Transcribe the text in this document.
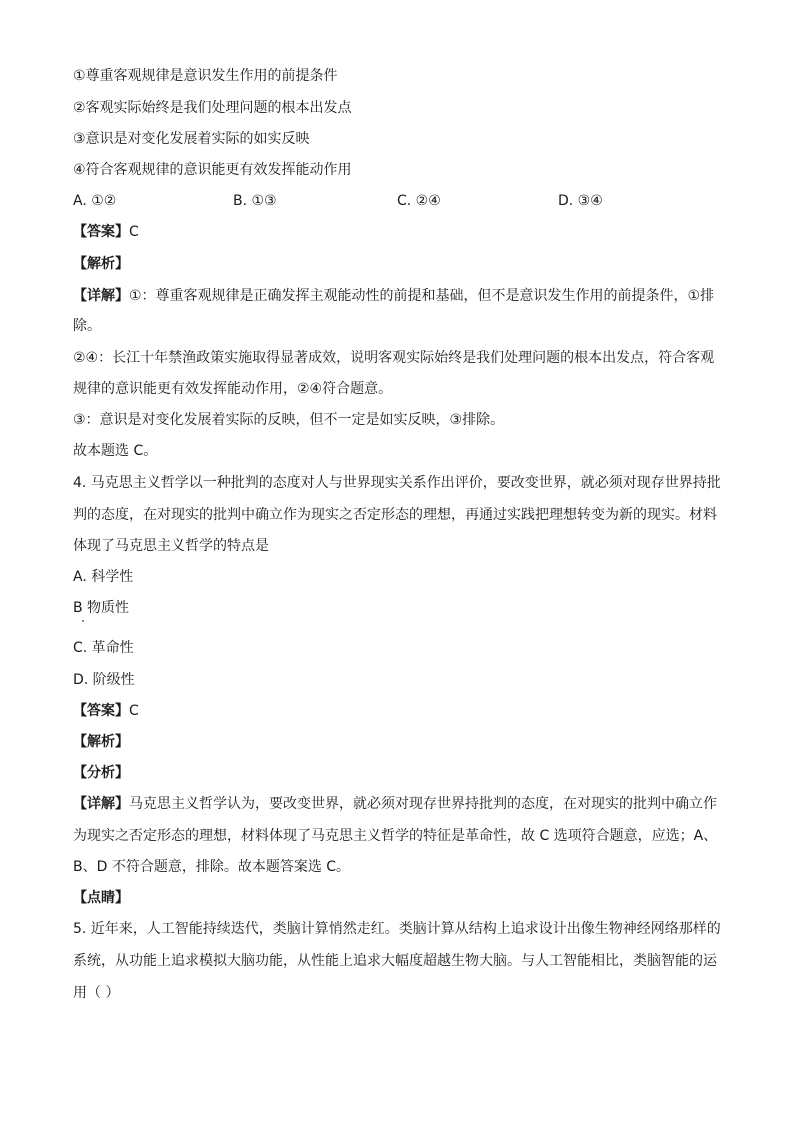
①尊重客观规律是意识发生作用的前提条件
②客观实际始终是我们处理问题的根本出发点
③意识是对变化发展着实际的如实反映
④符合客观规律的意识能更有效发挥能动作用
A. ①②	B. ①③	C. ②④	D. ③④
【答案】C
【解析】
【详解】①：尊重客观规律是正确发挥主观能动性的前提和基础，但不是意识发生作用的前提条件，①排
除。
②④：长江十年禁渔政策实施取得显著成效，说明客观实际始终是我们处理问题的根本出发点，符合客观
规律的意识能更有效发挥能动作用，②④符合题意。
③：意识是对变化发展着实际的反映，但不一定是如实反映，③排除。
故本题选 C。
4. 马克思主义哲学以一种批判的态度对人与世界现实关系作出评价，要改变世界，就必须对现存世界持批
判的态度，在对现实的批判中确立作为现实之否定形态的理想，再通过实践把理想转变为新的现实。材料
体现了马克思主义哲学的特点是
A. 科学性
B 物质性
C. 革命性
D. 阶级性
【答案】C
【解析】
【分析】
【详解】马克思主义哲学认为，要改变世界，就必须对现存世界持批判的态度，在对现实的批判中确立作
为现实之否定形态的理想，材料体现了马克思主义哲学的特征是革命性，故 C 选项符合题意，应选；A、
B、D 不符合题意，排除。故本题答案选 C。
【点睛】
5. 近年来，人工智能持续迭代，类脑计算悄然走红。类脑计算从结构上追求设计出像生物神经网络那样的
系统，从功能上追求模拟大脑功能，从性能上追求大幅度超越生物大脑。与人工智能相比，类脑智能的运
用（ ）
